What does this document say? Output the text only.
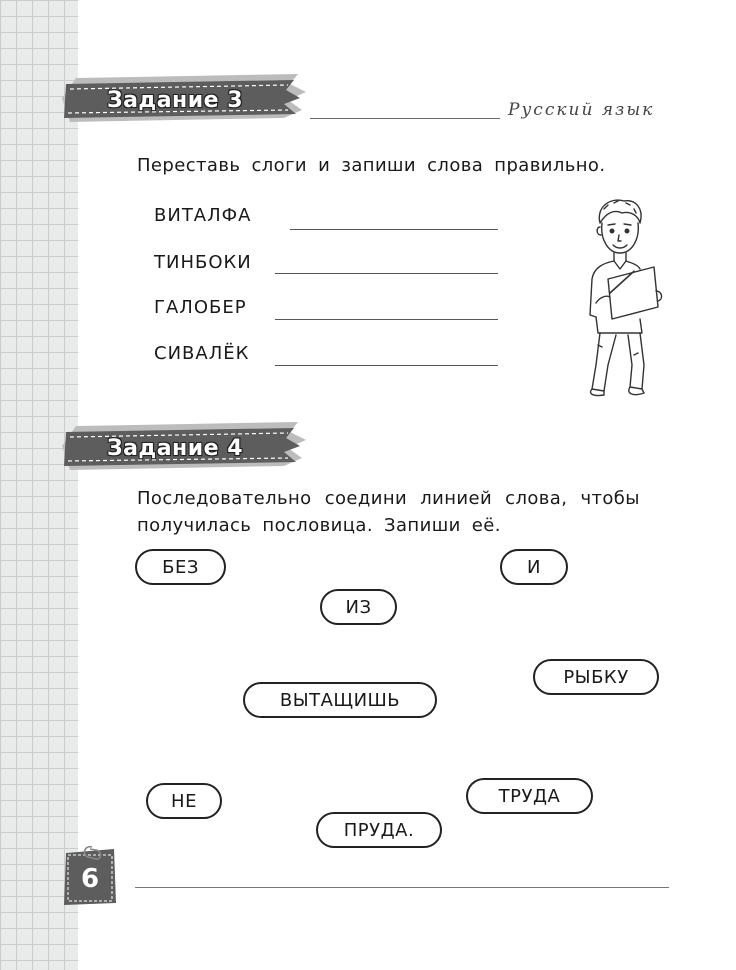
Задание 3	Русский язык
Переставь слоги и запиши слова правильно.
ВИТАЛФА
ТИНБОКИ
ГАЛОБЕР
СИВАЛЁК
Задание 4
Последовательно соедини линией слова, чтобы
получилась пословица. Запиши её.
БЕЗ	И
ИЗ
РЫБКУ
ВЫТАЩИШЬ
НЕ	ТРУДА
ПРУДА.
6
